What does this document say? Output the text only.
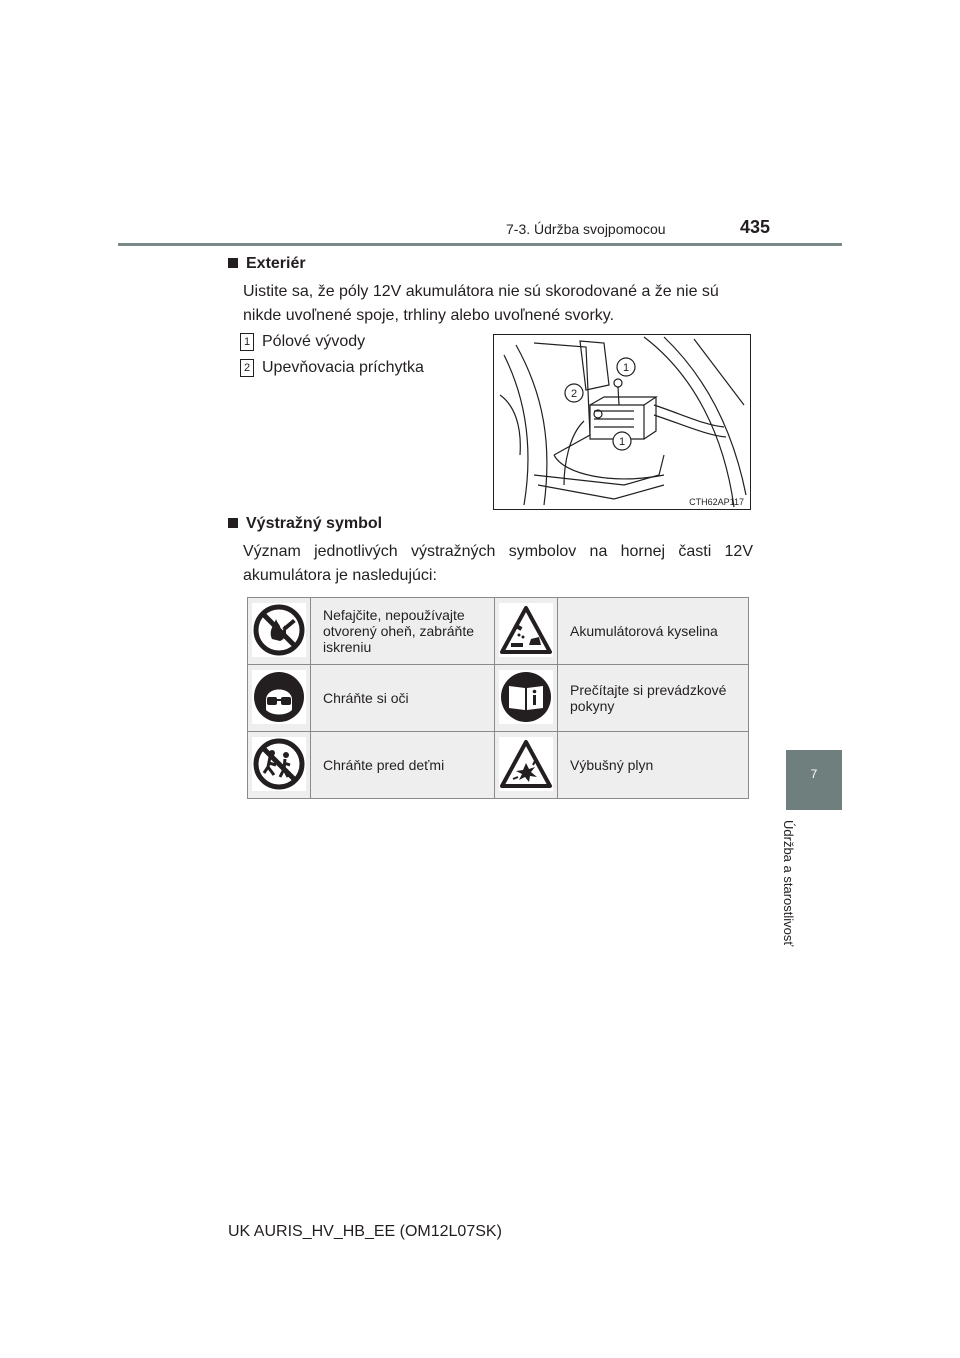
7-3. Údržba svojpomocou	435
7
Údržba a starostlivosť
Exteriér
Uistite sa, že póly 12V akumulátora nie sú skorodované a že nie sú
nikde uvoľnené spoje, trhliny alebo uvoľnené svorky.
1 Pólové vývody
2 Upevňovacia príchytka	1
2
1
CTH62AP117
Výstražný symbol
Význam jednotlivých výstražných symbolov na hornej časti 12V
akumulátora je nasledujúci:

Nefajčite, nepoužívajte
otvorený oheň, zabráňte
iskreniu		Akumulátorová kyselina

Chráňte si oči		Prečítajte si prevádzkové
pokyny

Chráňte pred deťmi		Výbušný plyn
UK AURIS_HV_HB_EE (OM12L07SK)
